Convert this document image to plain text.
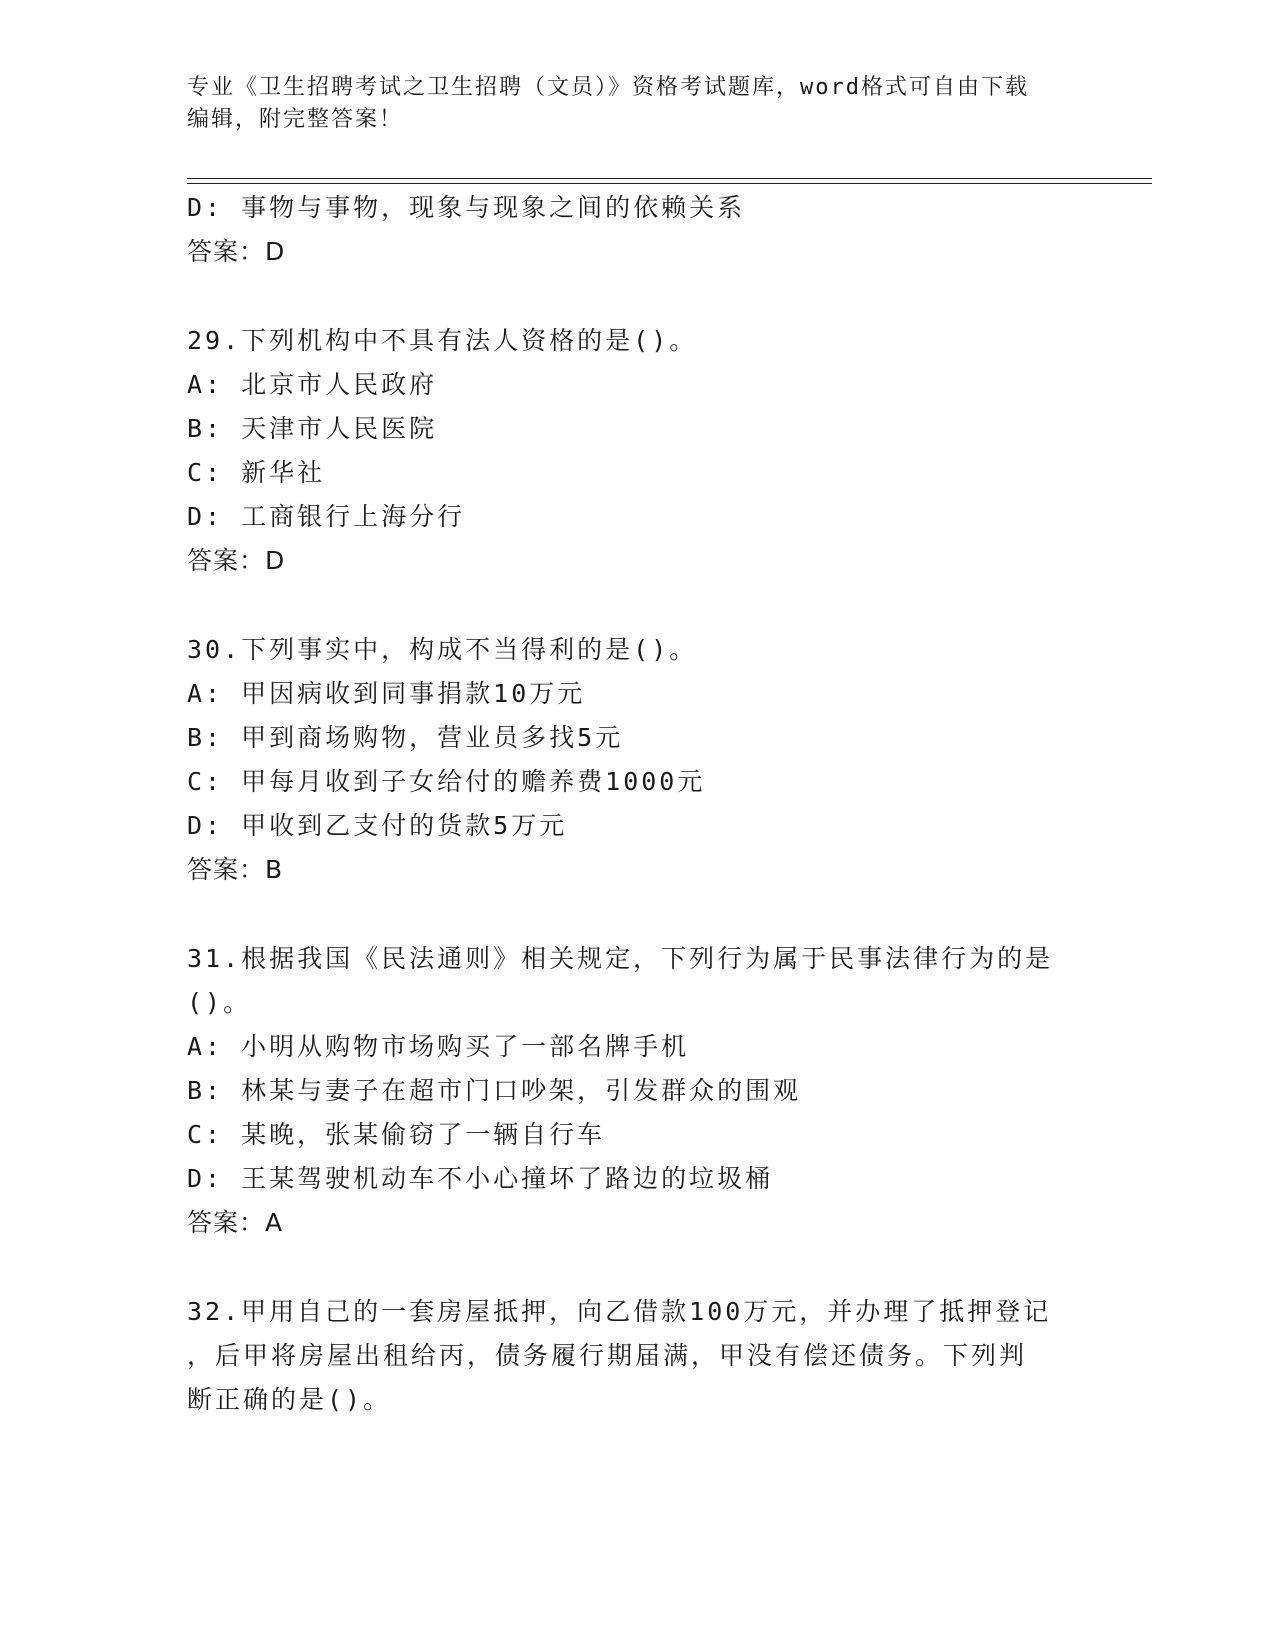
专业《卫生招聘考试之卫生招聘（文员）》资格考试题库，word格式可自由下载
编辑，附完整答案！
D: 事物与事物，现象与现象之间的依赖关系
答案：D
29.下列机构中不具有法人资格的是()。
A: 北京市人民政府
B: 天津市人民医院
C: 新华社
D: 工商银行上海分行
答案：D
30.下列事实中，构成不当得利的是()。
A: 甲因病收到同事捐款10万元
B: 甲到商场购物，营业员多找5元
C: 甲每月收到子女给付的赡养费1000元
D: 甲收到乙支付的货款5万元
答案：B
31.根据我国《民法通则》相关规定，下列行为属于民事法律行为的是
()。
A: 小明从购物市场购买了一部名牌手机
B: 林某与妻子在超市门口吵架，引发群众的围观
C: 某晚，张某偷窃了一辆自行车
D: 王某驾驶机动车不小心撞坏了路边的垃圾桶
答案：A
32.甲用自己的一套房屋抵押，向乙借款100万元，并办理了抵押登记
，后甲将房屋出租给丙，债务履行期届满，甲没有偿还债务。下列判
断正确的是()。
